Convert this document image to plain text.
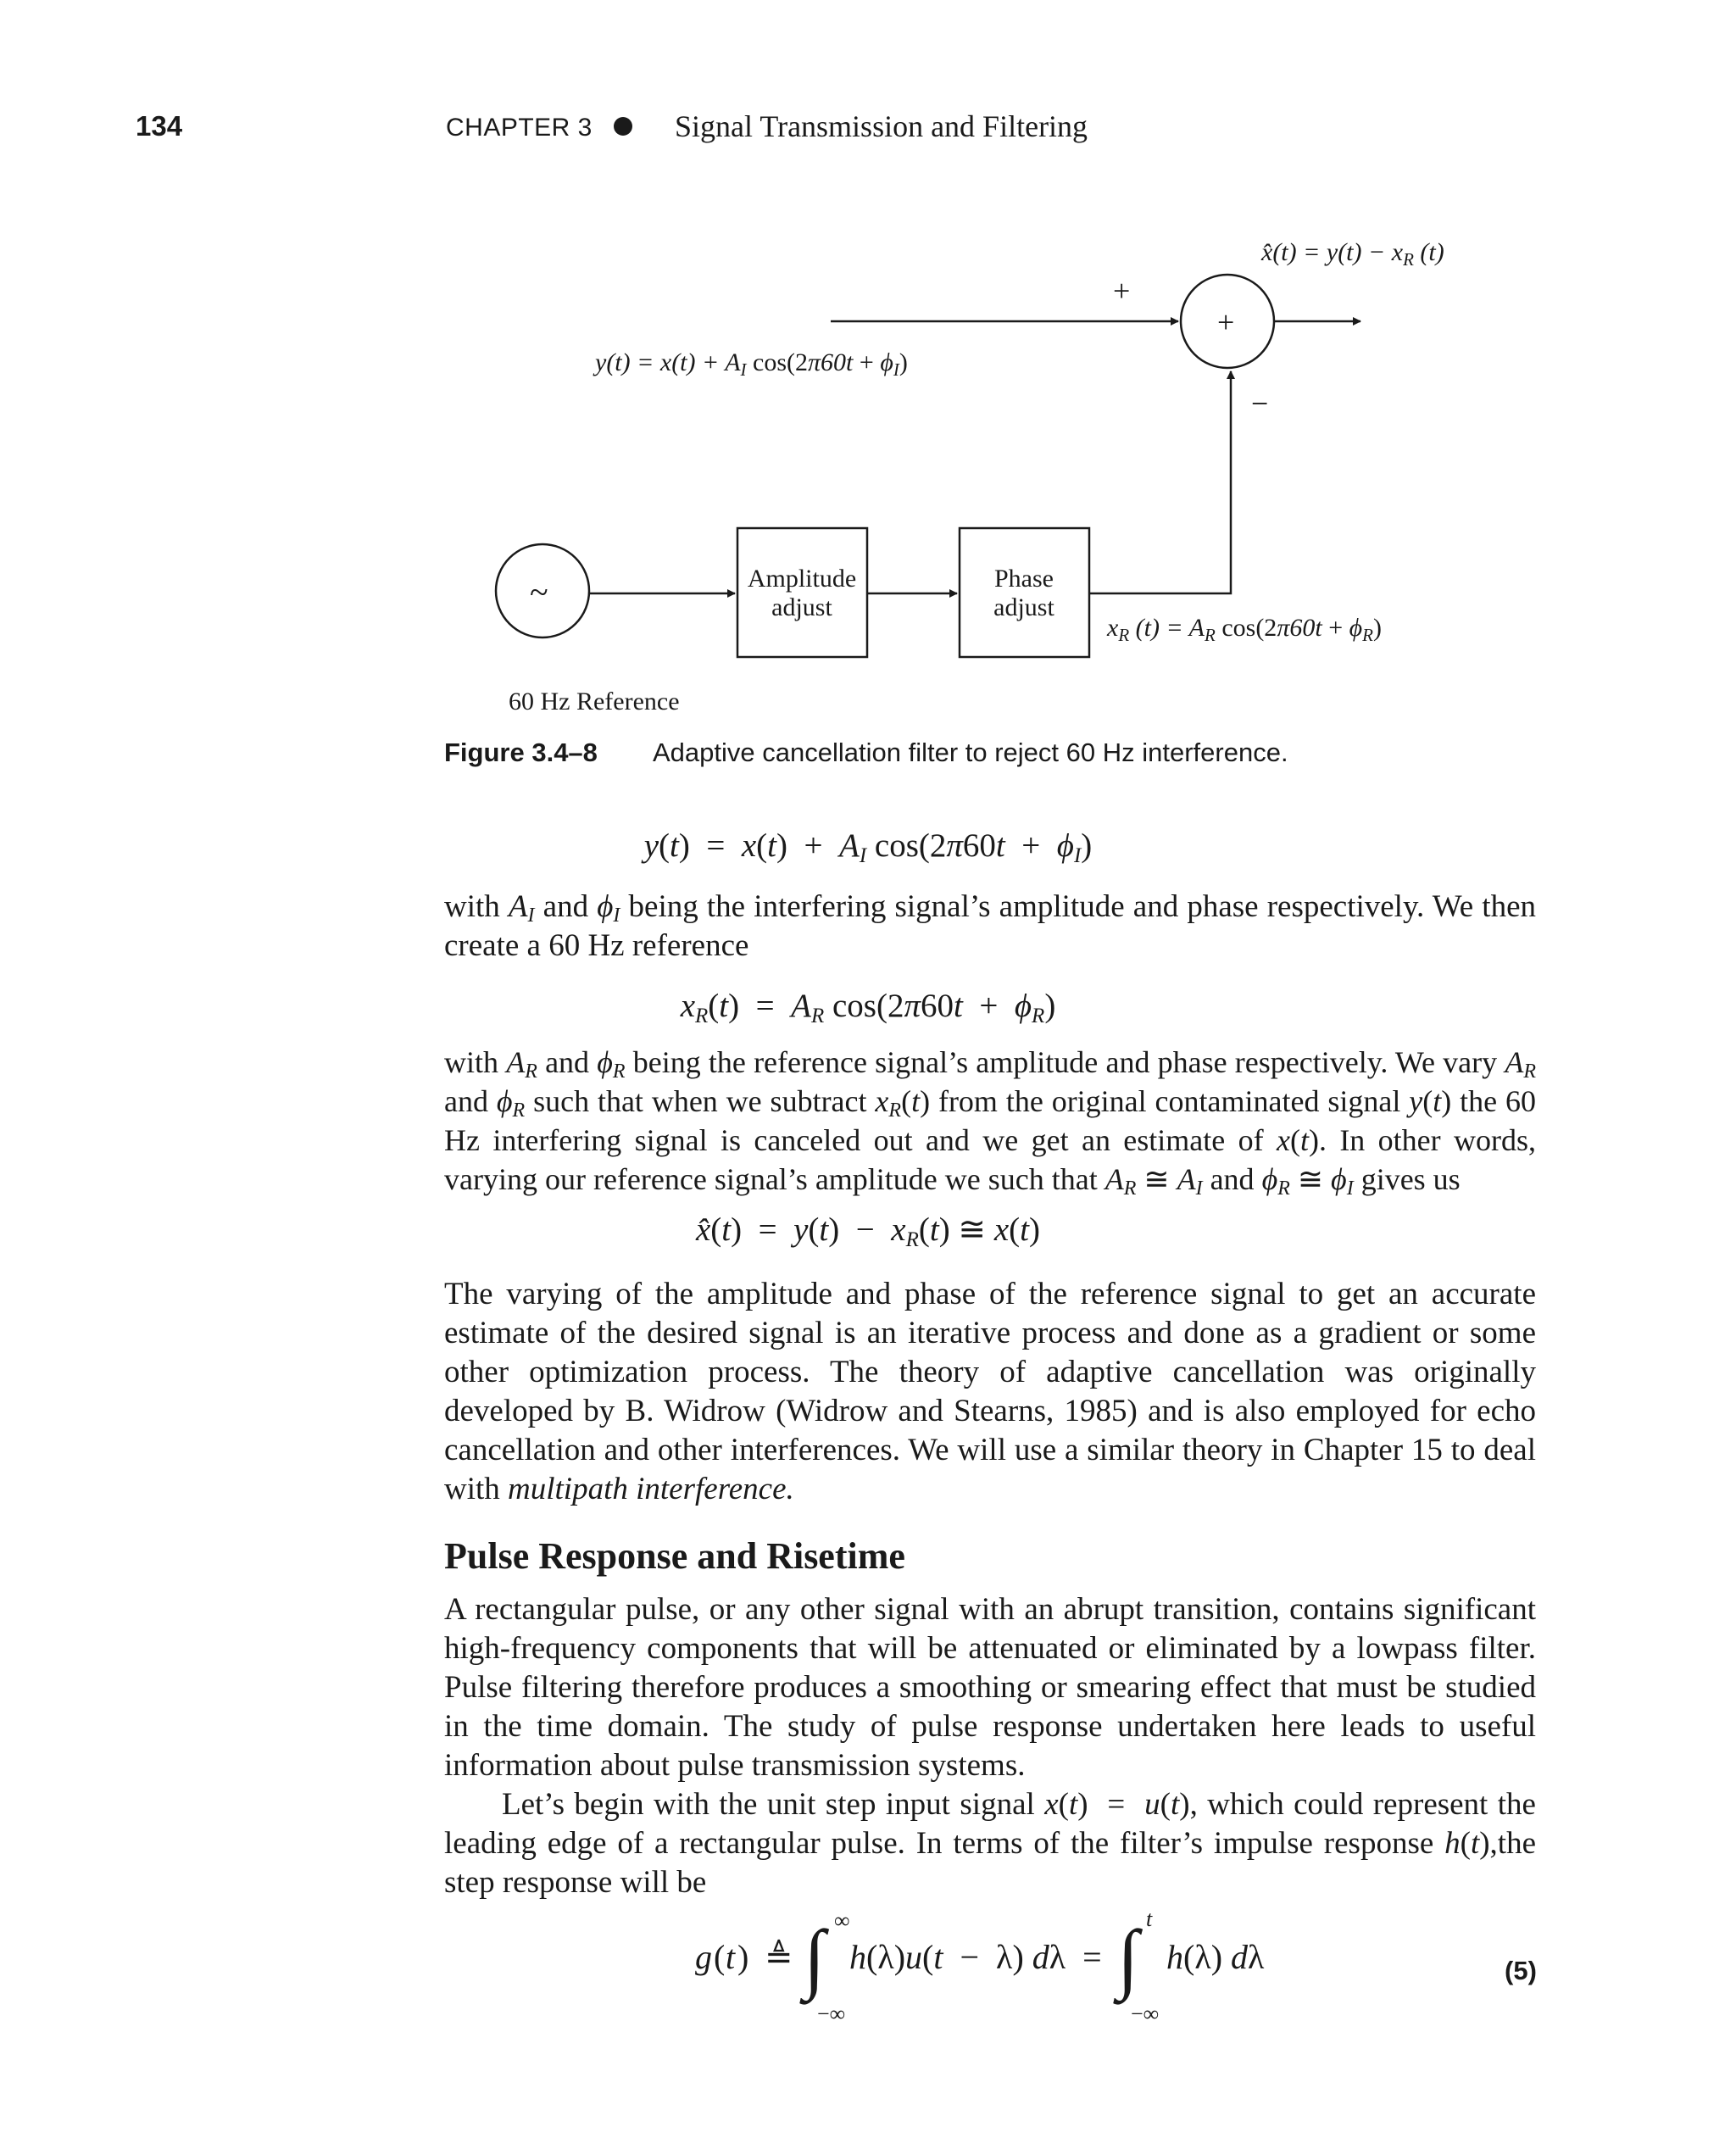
134	CHAPTER 3	Signal Transmission and Filtering
x̂(t) = $y(t) - x_R$ (t)
+
+
−
$y(t) = x(t) + A_I$ $\cos(2\pi 60t + \phi_I)$
~	Amplitude
adjust
Phase
adjust
$x_R$ $(t) = A_R$ $\cos(2\pi 60t + \phi_R)$
60 Hz Reference
Figure 3.4–8 Adaptive cancellation filter to reject 60 Hz interference.
$y(t) = x(t) + A_I$ $\cos(2\pi 60t + \phi_I)$
with $A_I$ and $\phi_I$ being the interfering signal’s amplitude and phase respectively. We then create a 60 Hz reference
$x_R(t) = A_R$ $\cos(2\pi 60t + \phi_R)$
with $A_R$ and $\phi_R$ being the reference signal’s amplitude and phase respectively. We vary $A_R$ and $\phi_R$ such that when we subtract $x_R(t)$ from the original contaminated signal y(t) the 60 Hz interfering signal is canceled out and we get an estimate of x(t). In other words, varying our reference signal’s amplitude we such that $A_R$ ≅ $A_I$ and $\phi_R$ ≅ $\phi_I$ gives us
x̂(t)  =  $y(t) - x_R(t)$ ≅ x(t)
The varying of the amplitude and phase of the reference signal to get an accurate estimate of the desired signal is an iterative process and done as a gradient or some other optimization process. The theory of adaptive cancellation was originally developed by B. Widrow (Widrow and Stearns, 1985) and is also employed for echo cancellation and other interferences. We will use a similar theory in Chapter 15 to deal with multipath interference.
Pulse Response and Risetime
A rectangular pulse, or any other signal with an abrupt transition, contains significant high-frequency components that will be attenuated or eliminated by a lowpass filter. Pulse filtering therefore produces a smoothing or smearing effect that must be studied in the time domain. The study of pulse response undertaken here leads to useful information about pulse transmission systems.
Let’s begin with the unit step input signal x(t)  =  u(t), which could represent the leading edge of a rectangular pulse. In terms of the filter’s impulse response h(t),the step response will be
g ( t ) ≜ ∫ ∞
−∞
h(λ)u(t  −  λ) dλ  = ∫ t
−∞
h(λ) dλ	(5)
